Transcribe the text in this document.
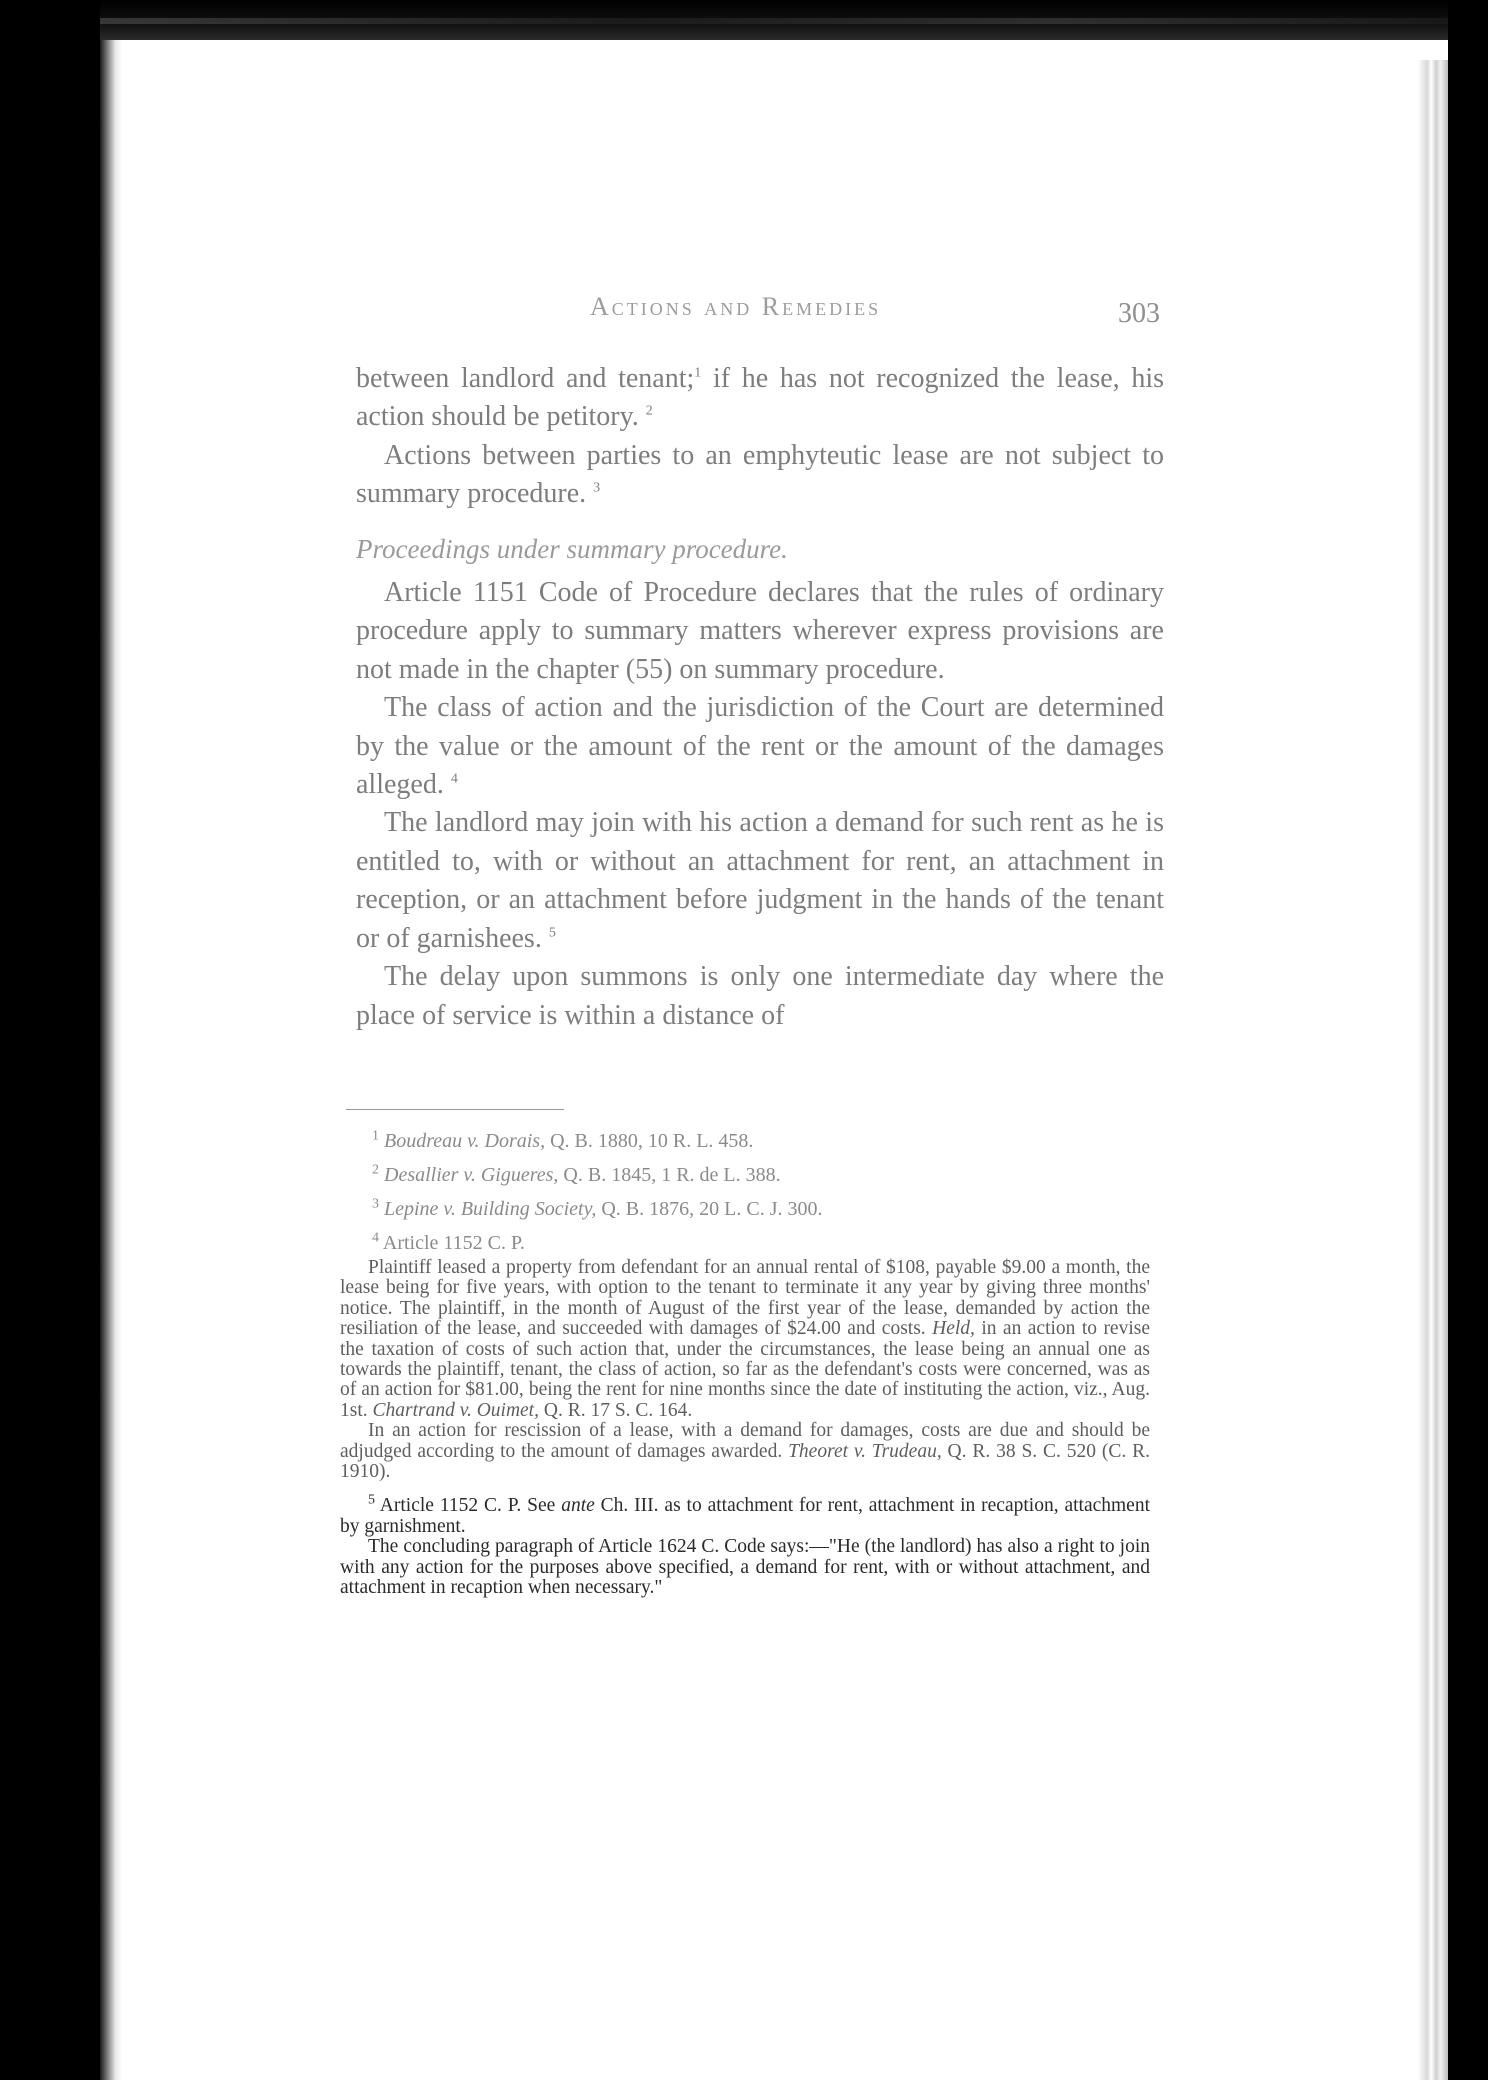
Actions and Remedies	303

between landlord and tenant;$^1$ if he has not recognized the lease, his action should be petitory. $^2$

Actions between parties to an emphyteutic lease are not subject to summary procedure. $^3$

Proceedings under summary procedure.

Article 1151 Code of Procedure declares that the rules of ordinary procedure apply to summary matters wherever express provisions are not made in the chapter (55) on summary procedure.

The class of action and the jurisdiction of the Court are determined by the value or the amount of the rent or the amount of the damages alleged. $^4$

The landlord may join with his action a demand for such rent as he is entitled to, with or without an attachment for rent, an attachment in reception, or an attachment before judgment in the hands of the tenant or of garnishees. $^5$

The delay upon summons is only one intermediate day where the place of service is within a distance of

$^1$ Boudreau v. Dorais, Q. B. 1880, 10 R. L. 458.

$^2$ Desallier v. Gigueres, Q. B. 1845, 1 R. de L. 388.

$^3$ Lepine v. Building Society, Q. B. 1876, 20 L. C. J. 300.

$^4$ Article 1152 C. P.

Plaintiff leased a property from defendant for an annual rental of $108, payable $9.00 a month, the lease being for five years, with option to the tenant to terminate it any year by giving three months' notice. The plaintiff, in the month of August of the first year of the lease, demanded by action the resiliation of the lease, and succeeded with damages of $24.00 and costs. Held, in an action to revise the taxation of costs of such action that, under the circumstances, the lease being an annual one as towards the plaintiff, tenant, the class of action, so far as the defendant's costs were concerned, was as of an action for $81.00, being the rent for nine months since the date of instituting the action, viz., Aug. 1st. Chartrand v. Ouimet, Q. R. 17 S. C. 164.

In an action for rescission of a lease, with a demand for damages, costs are due and should be adjudged according to the amount of damages awarded. Theoret v. Trudeau, Q. R. 38 S. C. 520 (C. R. 1910).

$^5$ Article 1152 C. P. See ante Ch. III. as to attachment for rent, attachment in recaption, attachment by garnishment.

The concluding paragraph of Article 1624 C. Code says:—"He (the landlord) has also a right to join with any action for the purposes above specified, a demand for rent, with or without attachment, and attachment in recaption when necessary."
